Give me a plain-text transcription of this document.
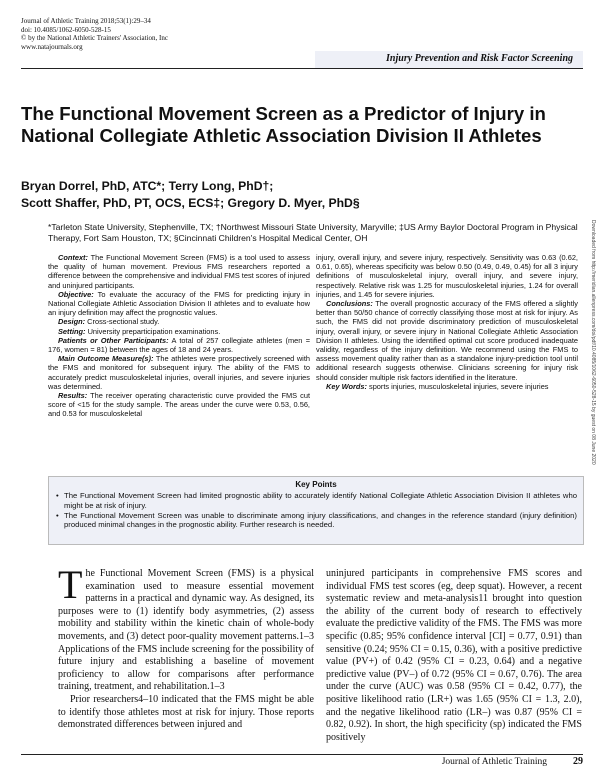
Journal of Athletic Training 2018;53(1):29–34
doi: 10.4085/1062-6050-528-15
© by the National Athletic Trainers' Association, Inc
www.natajournals.org
Injury Prevention and Risk Factor Screening
The Functional Movement Screen as a Predictor of Injury in National Collegiate Athletic Association Division II Athletes
Bryan Dorrel, PhD, ATC*; Terry Long, PhD†;
Scott Shaffer, PhD, PT, OCS, ECS‡; Gregory D. Myer, PhD§
*Tarleton State University, Stephenville, TX; †Northwest Missouri State University, Maryville; ‡US Army Baylor Doctoral Program in Physical Therapy, Fort Sam Houston, TX; §Cincinnati Children's Hospital Medical Center, OH

Context: The Functional Movement Screen (FMS) is a tool used to assess the quality of human movement. Previous FMS researchers reported a difference between the comprehensive and individual FMS test scores of injured and uninjured participants.

Objective: To evaluate the accuracy of the FMS for predicting injury in National Collegiate Athletic Association Division II athletes and to evaluate how an injury definition may affect the prognostic values.

Design: Cross-sectional study.

Setting: University preparticipation examinations.

Patients or Other Participants: A total of 257 collegiate athletes (men = 176, women = 81) between the ages of 18 and 24 years.

Main Outcome Measure(s): The athletes were prospectively screened with the FMS and monitored for subsequent injury. The ability of the FMS to accurately predict musculoskeletal injuries, overall injuries, and severe injuries was determined.

Results: The receiver operating characteristic curve provided the FMS cut score of <15 for the study sample. The areas under the curve were 0.53, 0.56, and 0.53 for musculoskeletal

injury, overall injury, and severe injury, respectively. Sensitivity was 0.63 (0.62, 0.61, 0.65), whereas specificity was below 0.50 (0.49, 0.49, 0.45) for all 3 injury definitions of musculoskeletal injury, overall injury, and severe injury, respectively. Relative risk was 1.25 for musculoskeletal injuries, 1.24 for overall injuries, and 1.45 for severe injuries.

Conclusions: The overall prognostic accuracy of the FMS offered a slightly better than 50/50 chance of correctly classifying those most at risk for injury. As such, the FMS did not provide discriminatory prediction of musculoskeletal injury, overall injury, or severe injury in National Collegiate Athletic Association Division II athletes. Using the identified optimal cut score produced inadequate validity, regardless of the injury definition. We recommend using the FMS to assess movement quality rather than as a standalone injury-prediction tool until additional research suggests otherwise. Clinicians screening for injury risk should consider multiple risk factors identified in the literature.

Key Words: sports injuries, musculoskeletal injuries, severe injuries

Key Points
• The Functional Movement Screen had limited prognostic ability to accurately identify National Collegiate Athletic Association Division II athletes who might be at risk of injury.
• The Functional Movement Screen was unable to discriminate among injury classifications, and changes in the reference standard (injury definition) produced minimal changes in the prognostic ability. Further research is needed.

The Functional Movement Screen (FMS) is a physical examination used to measure essential movement patterns in a practical and dynamic way. As designed, its purposes were to (1) identify body asymmetries, (2) assess mobility and stability within the kinetic chain of whole-body movements, and (3) detect poor-quality movement patterns.1–3 Applications of the FMS include screening for the possibility of future injury and establishing a baseline of movement proficiency to allow for comparisons after performance training, treatment, and rehabilitation.1–3

Prior researchers4–10 indicated that the FMS might be able to identify those athletes most at risk for injury. Those reports demonstrated differences between injured and

uninjured participants in comprehensive FMS scores and individual FMS test scores (eg, deep squat). However, a recent systematic review and meta-analysis11 brought into question the ability of the current body of research to effectively evaluate the predictive validity of the FMS. The FMS was more specific (0.85; 95% confidence interval [CI] = 0.77, 0.91) than sensitive (0.24; 95% CI = 0.15, 0.36), with a positive predictive value (PV+) of 0.42 (95% CI = 0.23, 0.64) and a negative predictive value (PV–) of 0.72 (95% CI = 0.67, 0.76). The area under the curve (AUC) was 0.58 (95% CI = 0.42, 0.77), the positive likelihood ratio (LR+) was 1.65 (95% CI = 1.3, 2.0), and the negative likelihood ratio (LR–) was 0.87 (95% CI = 0.82, 0.92). In short, the high specificity (sp) indicated the FMS positively

Downloaded from http://meridian.allenpress.com/doi/pdf/10.4085/1062-6050-528-15 by guest on 08 June 2020
Journal of Athletic Training	29
